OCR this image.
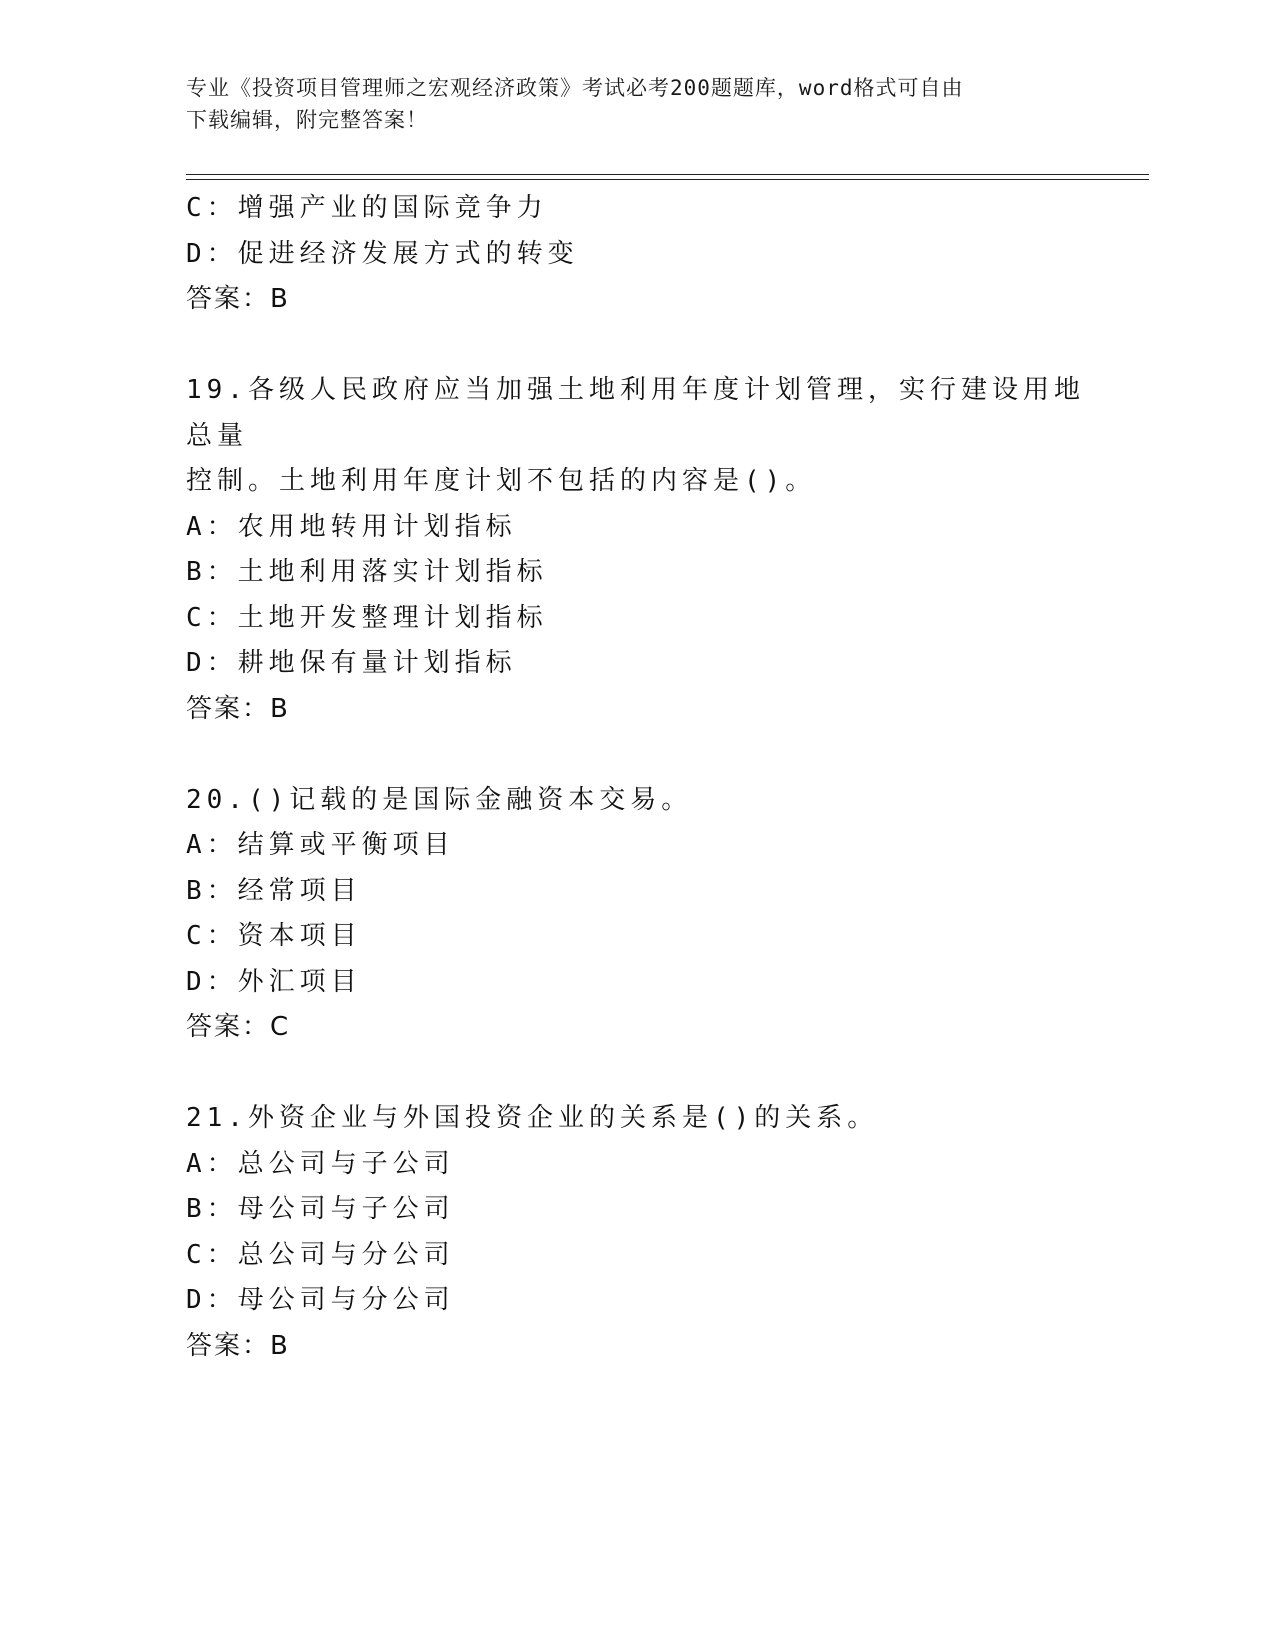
专业《投资项目管理师之宏观经济政策》考试必考200题题库，word格式可自由
下载编辑，附完整答案！
C：增强产业的国际竞争力
D：促进经济发展方式的转变
答案：B
19.各级人民政府应当加强土地利用年度计划管理，实行建设用地总量
控制。土地利用年度计划不包括的内容是()。
A：农用地转用计划指标
B：土地利用落实计划指标
C：土地开发整理计划指标
D：耕地保有量计划指标
答案：B
20.()记载的是国际金融资本交易。
A：结算或平衡项目
B：经常项目
C：资本项目
D：外汇项目
答案：C
21.外资企业与外国投资企业的关系是()的关系。
A：总公司与子公司
B：母公司与子公司
C：总公司与分公司
D：母公司与分公司
答案：B
